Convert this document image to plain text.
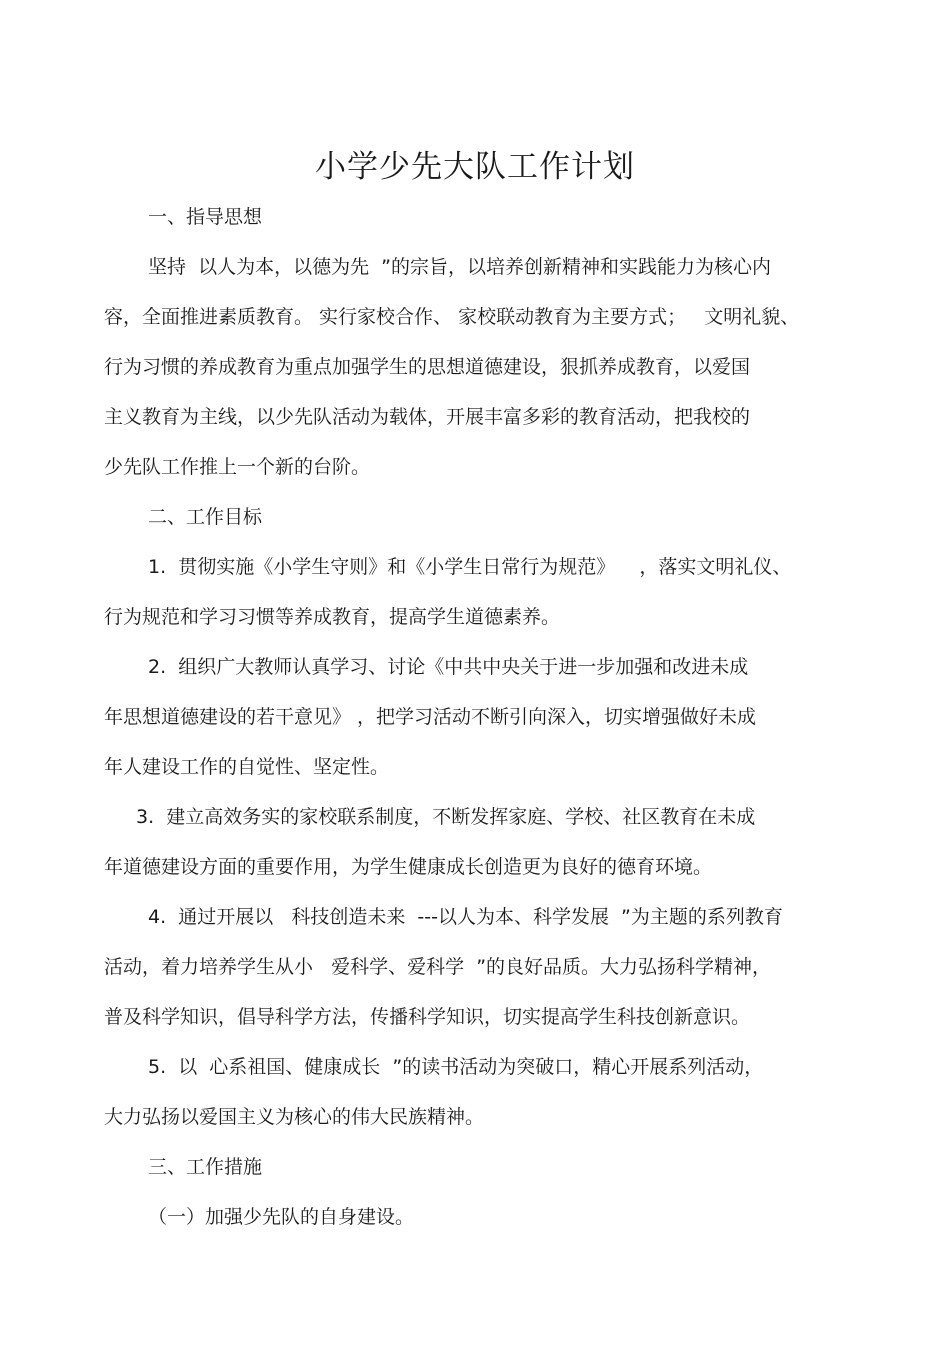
小学少先大队工作计划
一、指导思想
坚持  以人为本，以德为先  ”的宗旨，以培养创新精神和实践能力为核心内
容，全面推进素质教育。 实行家校合作、 家校联动教育为主要方式；   文明礼貌、
行为习惯的养成教育为重点加强学生的思想道德建设，狠抓养成教育，以爱国
主义教育为主线，以少先队活动为载体，开展丰富多彩的教育活动，把我校的
少先队工作推上一个新的台阶。
二、工作目标
1.  贯彻实施《小学生守则》和《小学生日常行为规范》    ，落实文明礼仪、
行为规范和学习习惯等养成教育，提高学生道德素养。
2.  组织广大教师认真学习、讨论《中共中央关于进一步加强和改进未成
年思想道德建设的若干意见》 ，把学习活动不断引向深入，切实增强做好未成
年人建设工作的自觉性、坚定性。
3.  建立高效务实的家校联系制度，不断发挥家庭、学校、社区教育在未成
年道德建设方面的重要作用，为学生健康成长创造更为良好的德育环境。
4.  通过开展以   科技创造未来  ---以人为本、科学发展  ”为主题的系列教育
活动，着力培养学生从小   爱科学、爱科学  ”的良好品质。大力弘扬科学精神，
普及科学知识，倡导科学方法，传播科学知识，切实提高学生科技创新意识。
5.  以  心系祖国、健康成长  ”的读书活动为突破口，精心开展系列活动，
大力弘扬以爱国主义为核心的伟大民族精神。
三、工作措施
（一）加强少先队的自身建设。
